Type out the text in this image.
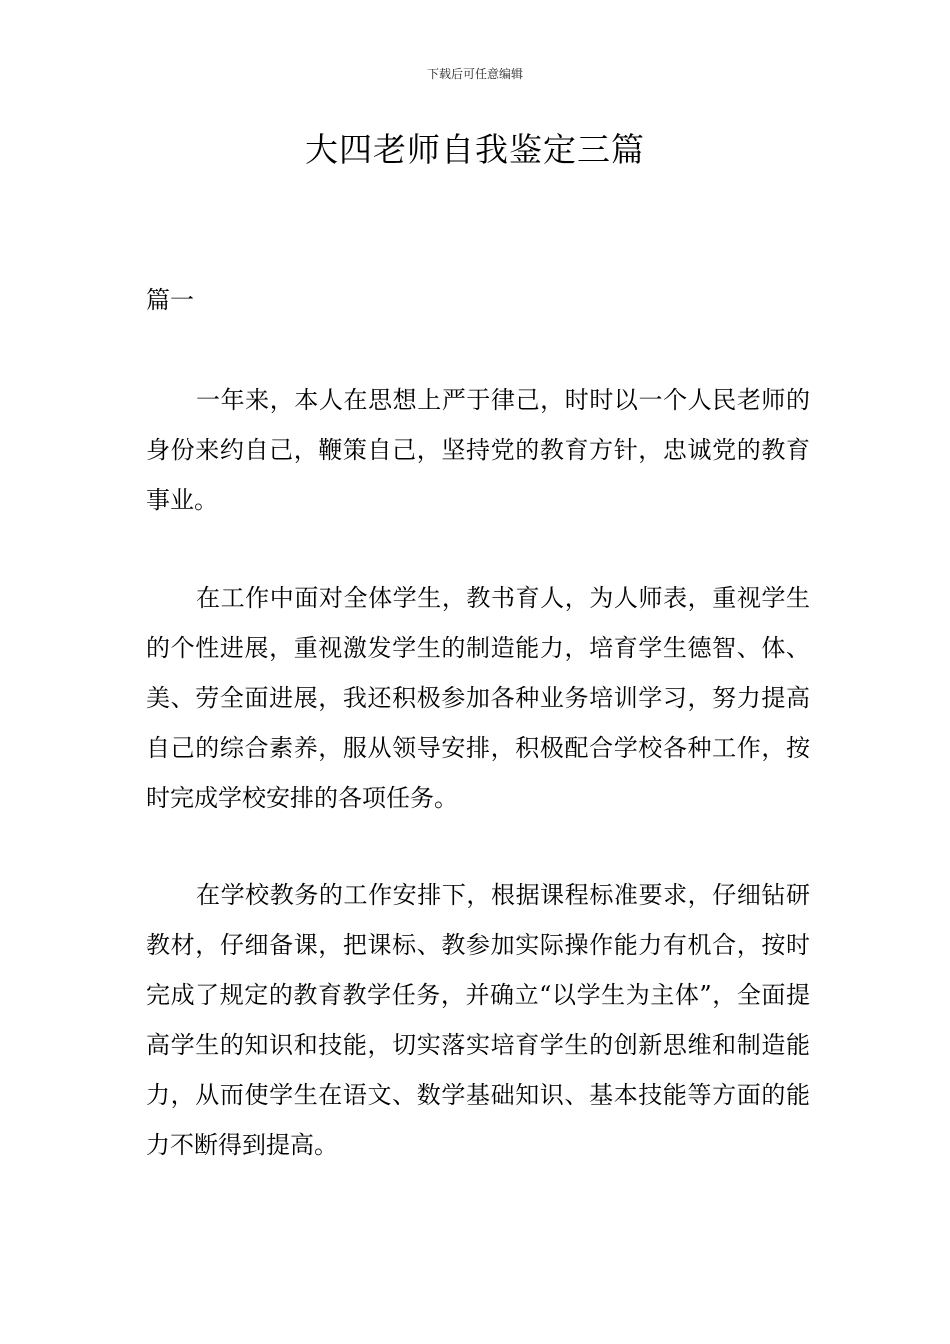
下载后可任意编辑
大四老师自我鉴定三篇
篇一

一年来，本人在思想上严于律己，时时以一个人民老师的身份来约自己，鞭策自己，坚持党的教育方针，忠诚党的教育事业。

在工作中面对全体学生，教书育人，为人师表，重视学生的个性进展，重视激发学生的制造能力，培育学生德智、体、美、劳全面进展，我还积极参加各种业务培训学习，努力提高自己的综合素养，服从领导安排，积极配合学校各种工作，按时完成学校安排的各项任务。

在学校教务的工作安排下，根据课程标准要求，仔细钻研教材，仔细备课，把课标、教参加实际操作能力有机合，按时完成了规定的教育教学任务，并确立“以学生为主体”，全面提高学生的知识和技能，切实落实培育学生的创新思维和制造能力，从而使学生在语文、数学基础知识、基本技能等方面的能力不断得到提高。
